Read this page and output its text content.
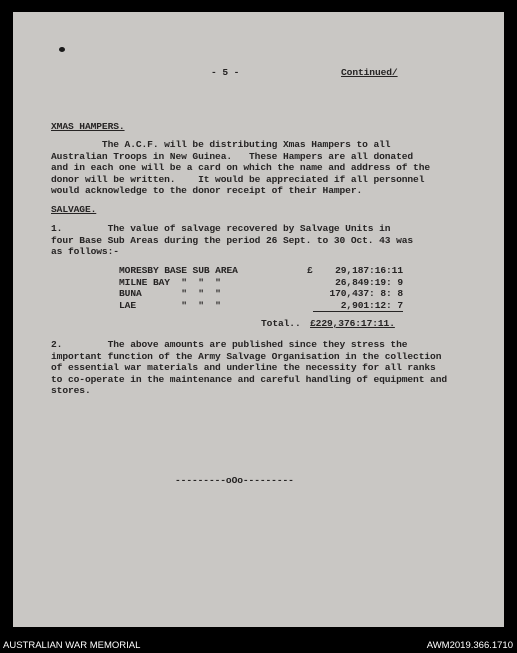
- 5 -	Continued/
XMAS HAMPERS.
The A.C.F. will be distributing Xmas Hampers to all
Australian Troops in New Guinea.   These Hampers are all donated
and in each one will be a card on which the name and address of the
donor will be written.    It would be appreciated if all personnel
would acknowledge to the donor receipt of their Hamper.
SALVAGE.
1.        The value of salvage recovered by Salvage Units in
four Base Sub Areas during the period 26 Sept. to 30 Oct. 43 was
as follows:-
MORESBY BASE SUB AREA	£ 29,187:16:11
MILNE BAY  "  "  "	26,849:19: 9
BUNA       "  "  "	170,437: 8: 8
LAE        "  "  "	2,901:12: 7
Total.. £229,376:17:11.
2.        The above amounts are published since they stress the
important function of the Army Salvage Organisation in the collection
of essential war materials and underline the necessity for all ranks
to co-operate in the maintenance and careful handling of equipment and
stores.
---------oOo---------
AUSTRALIAN WAR MEMORIAL	AWM2019.366.1710
